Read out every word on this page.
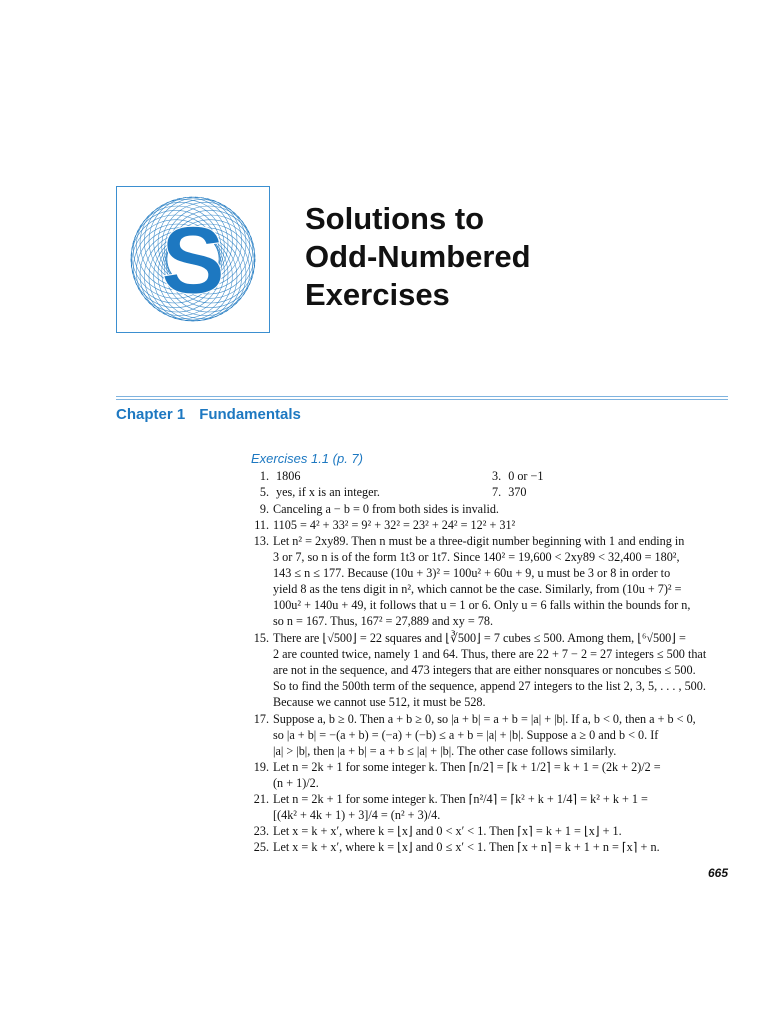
S	Solutions to
Odd-Numbered
Exercises
Chapter 1 Fundamentals
Exercises 1.1 (p. 7)
1. 1806	3. 0 or −1
5. yes, if x is an integer.	7. 370
9. Canceling a − b = 0 from both sides is invalid.
11. 1105 = 4² + 33² = 9² + 32² = 23² + 24² = 12² + 31²
13. Let n² = 2xy89. Then n must be a three-digit number beginning with 1 and ending in
3 or 7, so n is of the form 1t3 or 1t7. Since 140² = 19,600 < 2xy89 < 32,400 = 180²,
143 ≤ n ≤ 177. Because (10u + 3)² = 100u² + 60u + 9, u must be 3 or 8 in order to
yield 8 as the tens digit in n², which cannot be the case. Similarly, from (10u + 7)² =
100u² + 140u + 49, it follows that u = 1 or 6. Only u = 6 falls within the bounds for n,
so n = 167. Thus, 167² = 27,889 and xy = 78.
15. There are ⌊√500⌋ = 22 squares and ⌊∛500⌋ = 7 cubes ≤ 500. Among them, ⌊⁶√500⌋ =
2 are counted twice, namely 1 and 64. Thus, there are 22 + 7 − 2 = 27 integers ≤ 500 that
are not in the sequence, and 473 integers that are either nonsquares or noncubes ≤ 500.
So to find the 500th term of the sequence, append 27 integers to the list 2, 3, 5, . . . , 500.
Because we cannot use 512, it must be 528.
17. Suppose a, b ≥ 0. Then a + b ≥ 0, so |a + b| = a + b = |a| + |b|. If a, b < 0, then a + b < 0,
so |a + b| = −(a + b) = (−a) + (−b) ≤ a + b = |a| + |b|. Suppose a ≥ 0 and b < 0. If
|a| > |b|, then |a + b| = a + b ≤ |a| + |b|. The other case follows similarly.
19. Let n = 2k + 1 for some integer k. Then ⌈n/2⌉ = ⌈k + 1/2⌉ = k + 1 = (2k + 2)/2 =
(n + 1)/2.
21. Let n = 2k + 1 for some integer k. Then ⌈n²/4⌉ = ⌈k² + k + 1/4⌉ = k² + k + 1 =
[(4k² + 4k + 1) + 3]/4 = (n² + 3)/4.
23. Let x = k + x′, where k = ⌊x⌋ and 0 < x′ < 1. Then ⌈x⌉ = k + 1 = ⌊x⌋ + 1.
25. Let x = k + x′, where k = ⌊x⌋ and 0 ≤ x′ < 1. Then ⌈x + n⌉ = k + 1 + n = ⌈x⌉ + n.
665
